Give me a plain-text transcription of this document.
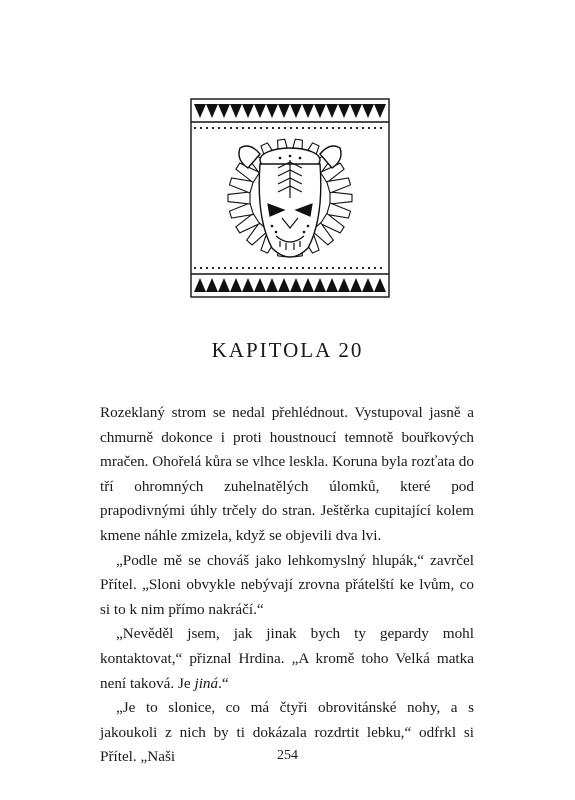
KAPITOLA 20

Rozeklaný strom se nedal přehlédnout. Vystupoval jasně a chmurně dokonce i proti houstnoucí temnotě bouřkových mračen. Ohořelá kůra se vlhce leskla. Koruna byla rozťata do tří ohromných zuhelnatělých úlomků, které pod prapodivnými úhly trčely do stran. Ještěrka cupitající kolem kmene náhle zmizela, když se objevili dva lvi.

„Podle mě se chováš jako lehkomyslný hlupák,“ zavrčel Přítel. „Sloni obvykle nebývají zrovna přátelští ke lvům, co si to k nim přímo nakráčí.“

„Nevěděl jsem, jak jinak bych ty gepardy mohl kontaktovat,“ přiznal Hrdina. „A kromě toho Velká matka není taková. Je jiná.“

„Je to slonice, co má čtyři obrovitánské nohy, a s jakoukoli z nich by ti dokázala rozdrtit lebku,“ odfrkl si Přítel. „Naši	254
